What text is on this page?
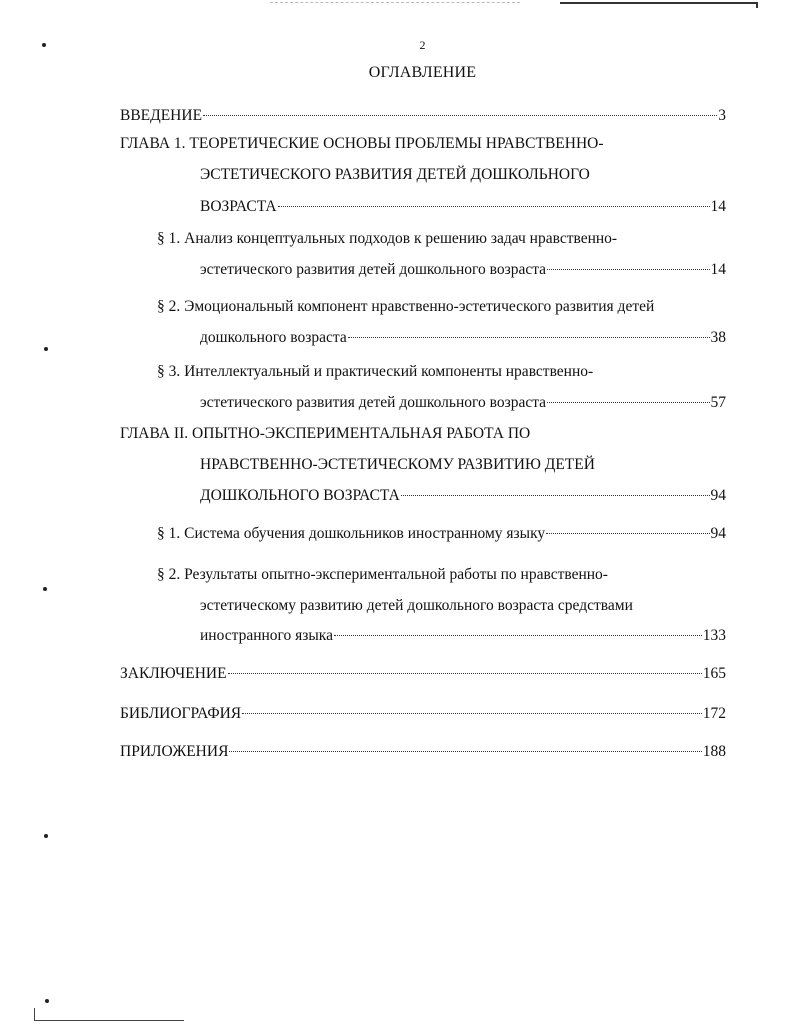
2
ОГЛАВЛЕНИЕ
ВВЕДЕНИЕ	3
ГЛАВА 1. ТЕОРЕТИЧЕСКИЕ ОСНОВЫ ПРОБЛЕМЫ НРАВСТВЕННО-
ЭСТЕТИЧЕСКОГО РАЗВИТИЯ ДЕТЕЙ ДОШКОЛЬНОГО
ВОЗРАСТА	14
§ 1. Анализ концептуальных подходов к решению задач нравственно-
эстетического развития детей дошкольного возраста	14
§ 2. Эмоциональный компонент нравственно-эстетического развития детей
дошкольного возраста	38
§ 3. Интеллектуальный и практический компоненты нравственно-
эстетического развития детей дошкольного возраста	57
ГЛАВА II. ОПЫТНО-ЭКСПЕРИМЕНТАЛЬНАЯ РАБОТА ПО
НРАВСТВЕННО-ЭСТЕТИЧЕСКОМУ РАЗВИТИЮ ДЕТЕЙ
ДОШКОЛЬНОГО ВОЗРАСТА	94
§ 1. Система обучения дошкольников иностранному языку	94
§ 2. Результаты опытно-экспериментальной работы по нравственно-
эстетическому развитию детей дошкольного возраста средствами
иностранного языка	133
ЗАКЛЮЧЕНИЕ	165
БИБЛИОГРАФИЯ	172
ПРИЛОЖЕНИЯ	188
